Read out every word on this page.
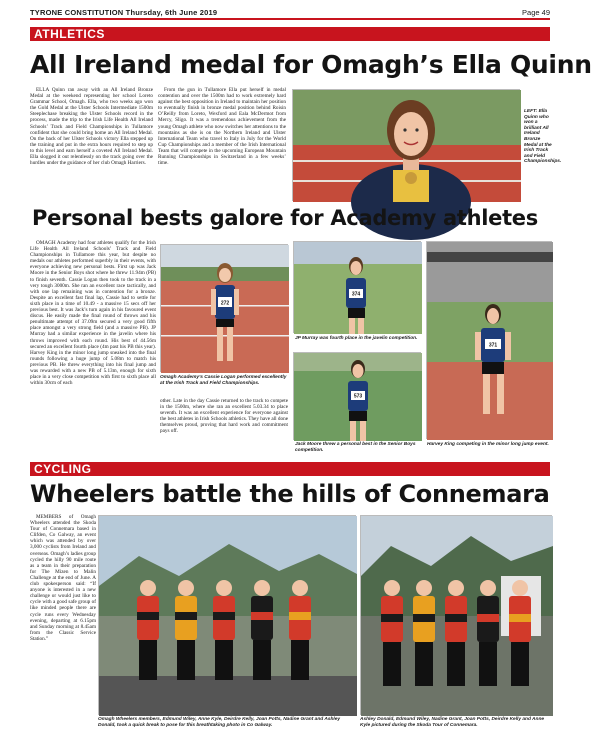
TYRONE CONSTITUTION Thursday, 6th June 2019	Page 49
ATHLETICS
All Ireland medal for Omagh’s Ella Quinn

ELLA Quinn ran away with an All Ireland Bronze Medal at the weekend representing her school Loreto Grammar School, Omagh. Ella, who two weeks ago won the Gold Medal at the Ulster Schools Intermediate 1500m Steeplechase breaking the Ulster Schools record in the process, made the trip to the Irish Life Health All Ireland Schools’ Track and Field Championships in Tullamore confident that she could bring home an All Ireland Medal. On the back of her Ulster Schools victory Ella stepped up the training and put in the extra hours required to step up to this level and earn herself a coveted All Ireland Medal. Ella slogged it out relentlessly on the track going over the hurdles under the guidance of her club Omagh Harriers.

From the gun in Tullamore Ella put herself in medal contention and over the 1500m had to work extremely hard against the best opposition in Ireland to maintain her position to eventually finish in bronze medal position behind Roisin O’Reilly from Loreto, Wexford and Eala McDermot from Mercy, Sligo. It was a tremendous achievement from the young Omagh athlete who now switches her attentions to the mountains as she is on the Northern Ireland and Ulster International Team who travel to Italy in July for the World Cup Championships and a member of the Irish International Team that will compete in the upcoming European Mountain Running Championships in Switzerland in a few weeks’ time.

LEFT: Ella Quinn who won a brilliant All Ireland Bronze Medal at the Irish Track and Field Championships.
Personal bests galore for Academy athletes

OMAGH Academy had four athletes qualify for the Irish Life Health All Ireland Schools’ Track and Field Championships in Tullamore this year, but despite no medals our athletes performed superbly in their events, with everyone achieving new personal bests. First up was Jack Moore in the Senior Boys shot where he threw 11.94m (PB) to finish seventh. Cassie Logan then took to the track in a very tough 3000m. She ran an excellent race tactically, and with one lap remaining was in contention for a bronze. Despite an excellent fast final lap, Cassie had to settle for sixth place in a time of 10.49 - a massive 15 secs off her previous best. It was Jack’s turn again in his favoured event discus. He easily made the final round of throws and his penultimate attempt of 37.09m secured a very good fifth place amongst a very strong field (and a massive PB). JP Murray had a similar experience in the javelin where his throws improved with each round. His best of 44.56m secured an excellent fourth place (4m past his PB this year). Harvey King in the minor long jump sneaked into the final rounds following a huge jump of 5.08m to match his previous PB. He threw everything into his final jump and was rewarded with a new PB of 5.13m, enough for sixth place in a very close competition with first to sixth place all within 30cm of each

272
Omagh Academy’s Cassie Logan performed excellently at the Irish Track and Field Championships.

other. Late in the day Cassie returned to the track to compete in the 1500m, where she ran an excellent 5.03.34 to place seventh. It was an excellent experience for everyone against the best athletes in Irish Schools athletics. They have all done themselves proud, proving that hard work and commitment pays off.

374
JP Murray was fourth place in the javelin competition.
573
Jack Moore threw a personal best in the Senior Boys competition.
371
Harvey King competing in the minor long jump event.
CYCLING
Wheelers battle the hills of Connemara

MEMBERS of Omagh Wheelers attended the Skoda Tour of Connemara based in Clifden, Co Galway, an event which was attended by over 3,000 cyclists from Ireland and overseas. Omagh’s ladies group cycled the hilly 90 mile route as a team in their preparation for The Mizen to Malin Challenge at the end of June. A club spokesperson said: “If anyone is interested in a new challenge or would just like to cycle with a good safe group of like minded people there are cycle runs every Wednesday evening, departing at 6.15pm and Sunday morning at 8.45am from the Classic Service Station.”

Omagh Wheelers members, Edmund Wiley, Anne Kyle, Deirdre Kelly, Joan Potts, Nadine Grant and Ashley Donald, took a quick break to pose for this breathtaking photo in Co Galway.
Ashley Donald, Edmund Wiley, Nadine Grant, Joan Potts, Deirdre Kelly and Anne Kyle pictured during the Skoda Tour of Connemara.
